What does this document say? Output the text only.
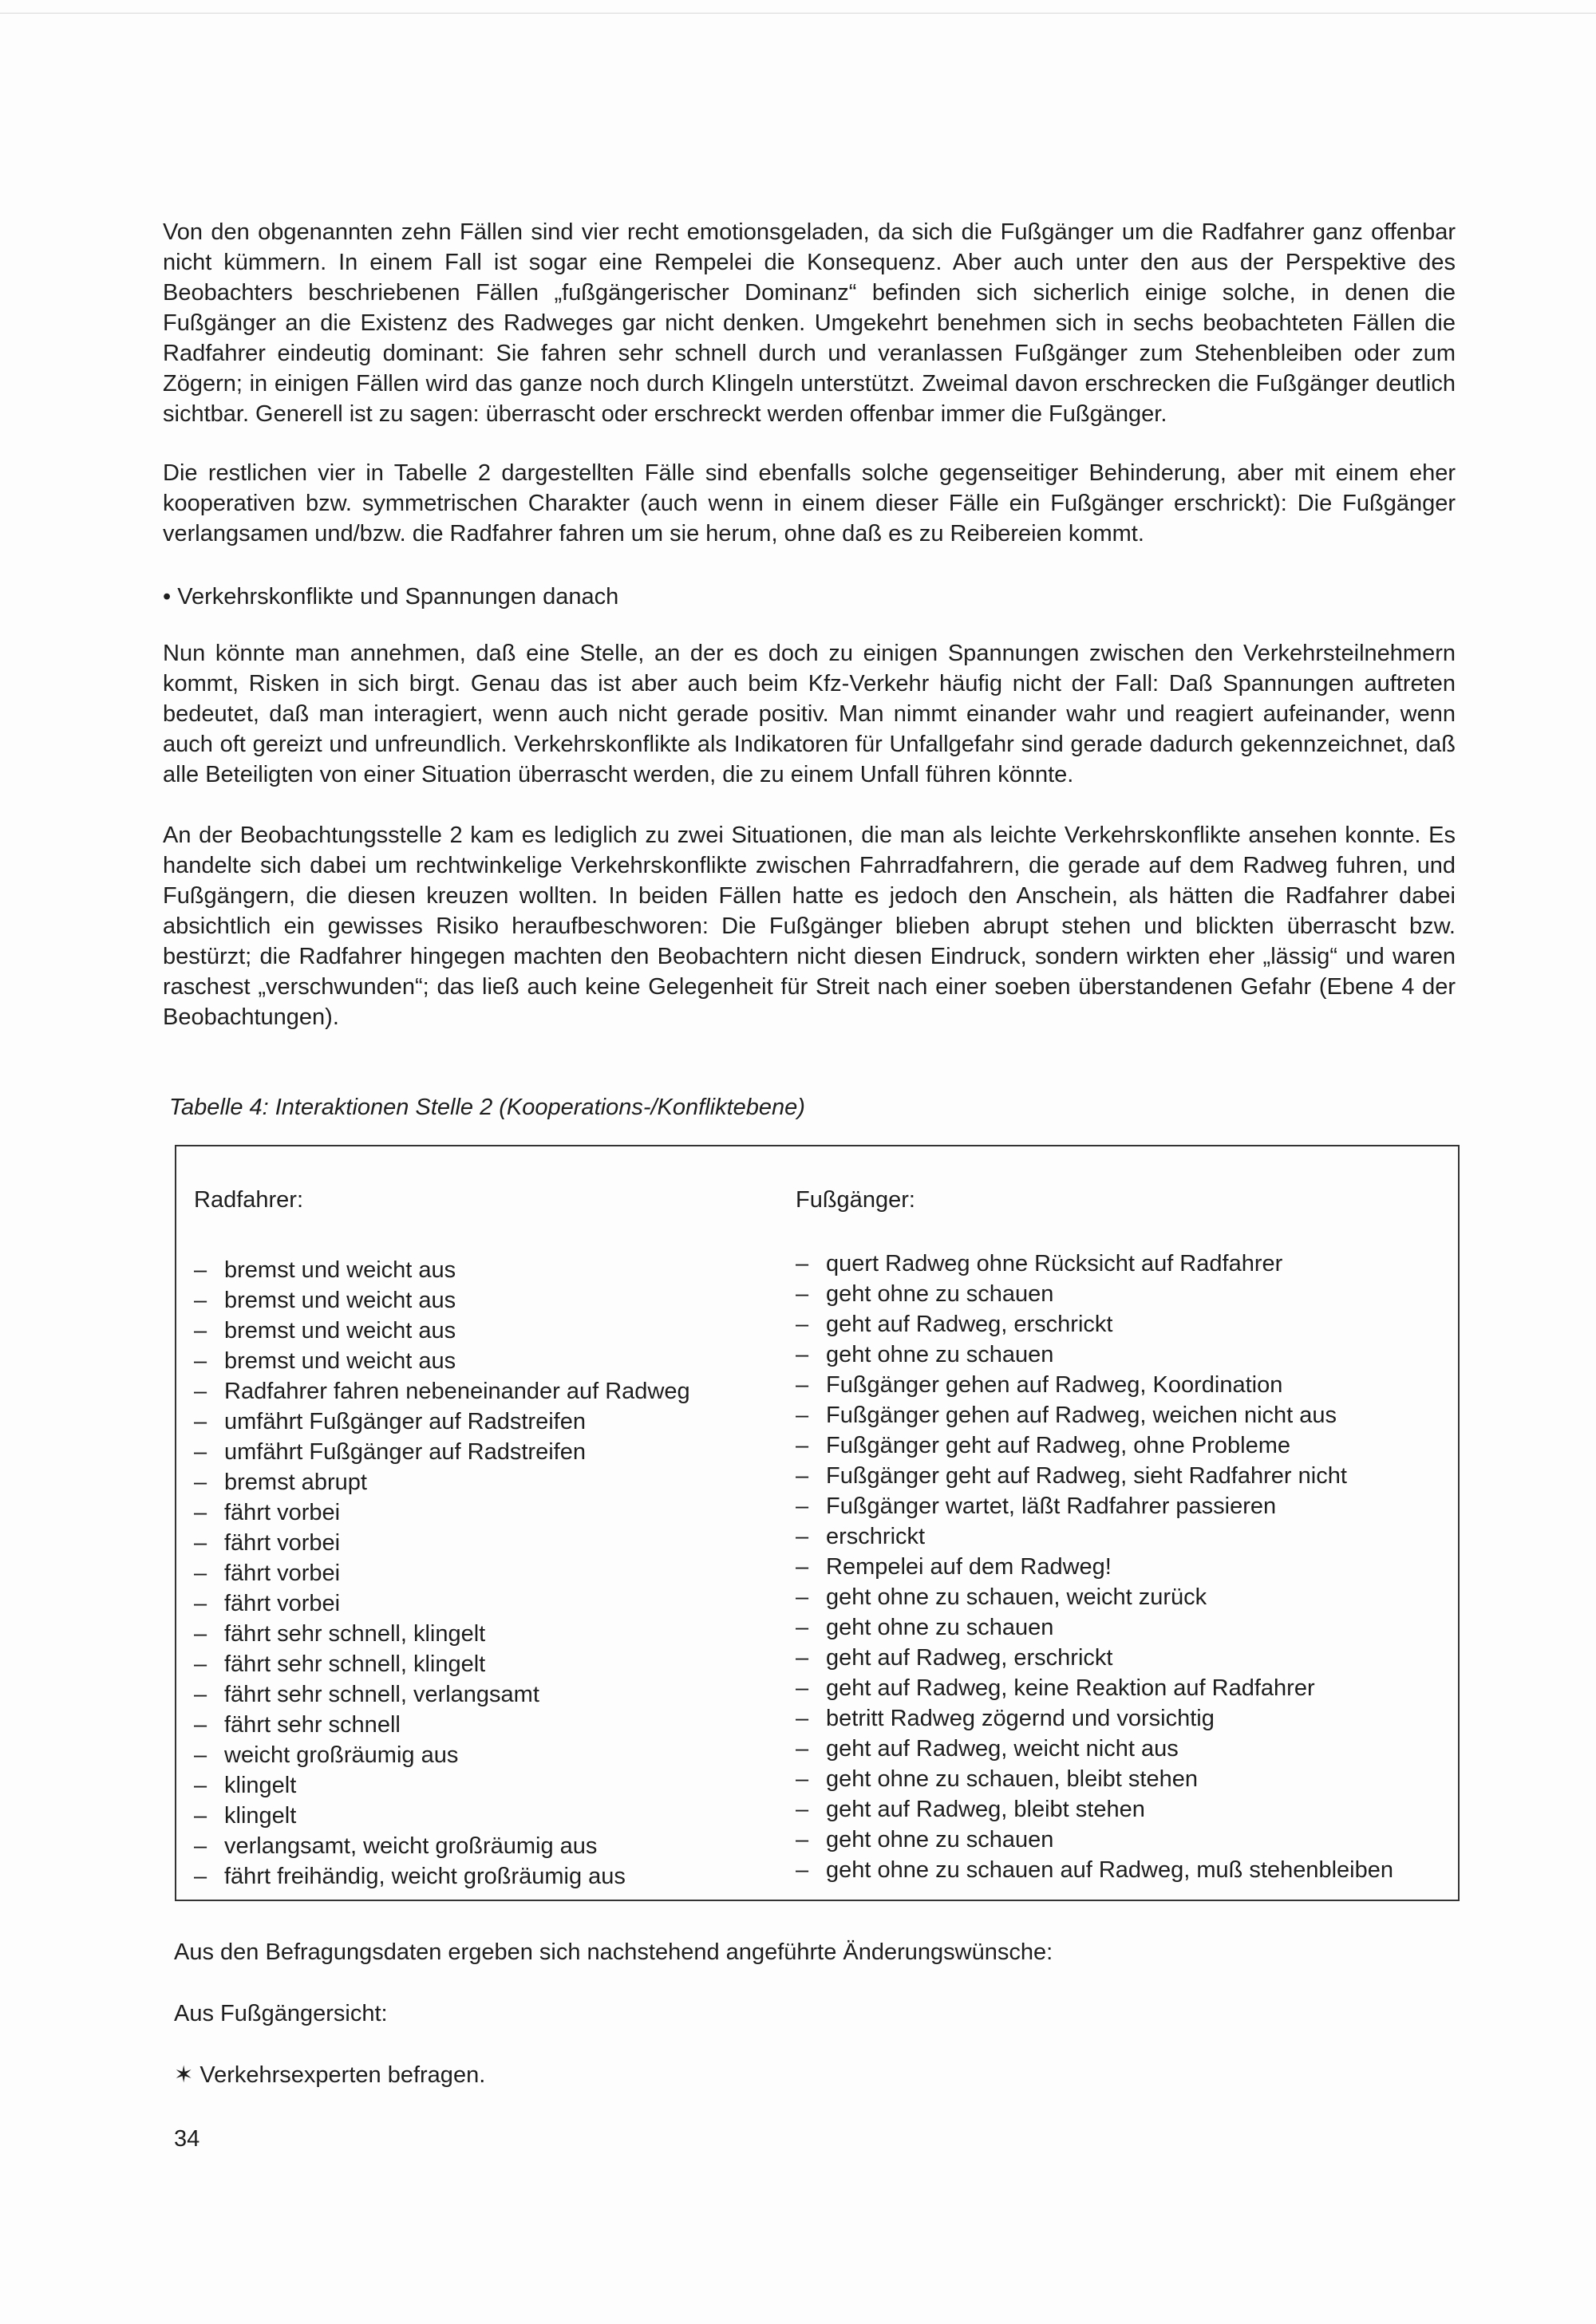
Von den obgenannten zehn Fällen sind vier recht emotionsgeladen, da sich die Fußgänger um die Radfahrer ganz offenbar nicht kümmern. In einem Fall ist sogar eine Rempelei die Konsequenz. Aber auch unter den aus der Perspektive des Beobachters beschriebenen Fällen „fußgängerischer Dominanz“ befinden sich sicherlich einige solche, in denen die Fußgänger an die Existenz des Radweges gar nicht denken. Umgekehrt benehmen sich in sechs beobachteten Fällen die Radfahrer eindeutig dominant: Sie fahren sehr schnell durch und veranlassen Fußgänger zum Stehenbleiben oder zum Zögern; in einigen Fällen wird das ganze noch durch Klingeln unterstützt. Zweimal davon erschrecken die Fußgänger deutlich sichtbar. Generell ist zu sagen: überrascht oder erschreckt werden offenbar immer die Fußgänger.

Die restlichen vier in Tabelle 2 dargestellten Fälle sind ebenfalls solche gegenseitiger Behinderung, aber mit einem eher kooperativen bzw. symmetrischen Charakter (auch wenn in einem dieser Fälle ein Fußgänger erschrickt): Die Fußgänger verlangsamen und/bzw. die Radfahrer fahren um sie herum, ohne daß es zu Reibereien kommt.

• Verkehrskonflikte und Spannungen danach

Nun könnte man annehmen, daß eine Stelle, an der es doch zu einigen Spannungen zwischen den Verkehrsteilnehmern kommt, Risken in sich birgt. Genau das ist aber auch beim Kfz-Verkehr häufig nicht der Fall: Daß Spannungen auftreten bedeutet, daß man interagiert, wenn auch nicht gerade positiv. Man nimmt einander wahr und reagiert aufeinander, wenn auch oft gereizt und unfreundlich. Verkehrskonflikte als Indikatoren für Unfallgefahr sind gerade dadurch gekennzeichnet, daß alle Beteiligten von einer Situation überrascht werden, die zu einem Unfall führen könnte.

An der Beobachtungsstelle 2 kam es lediglich zu zwei Situationen, die man als leichte Verkehrskonflikte ansehen konnte. Es handelte sich dabei um rechtwinkelige Verkehrskonflikte zwischen Fahrradfahrern, die gerade auf dem Radweg fuhren, und Fußgängern, die diesen kreuzen wollten. In beiden Fällen hatte es jedoch den Anschein, als hätten die Radfahrer dabei absichtlich ein gewisses Risiko heraufbeschworen: Die Fußgänger blieben abrupt stehen und blickten überrascht bzw. bestürzt; die Radfahrer hingegen machten den Beobachtern nicht diesen Eindruck, sondern wirkten eher „lässig“ und waren raschest „verschwunden“; das ließ auch keine Gelegenheit für Streit nach einer soeben überstandenen Gefahr (Ebene 4 der Beobachtungen).

Tabelle 4: Interaktionen Stelle 2 (Kooperations-/Konfliktebene)
Radfahrer:
– bremst und weicht aus
– bremst und weicht aus
– bremst und weicht aus
– bremst und weicht aus
– Radfahrer fahren nebeneinander auf Radweg
– umfährt Fußgänger auf Radstreifen
– umfährt Fußgänger auf Radstreifen
– bremst abrupt
– fährt vorbei
– fährt vorbei
– fährt vorbei
– fährt vorbei
– fährt sehr schnell, klingelt
– fährt sehr schnell, klingelt
– fährt sehr schnell, verlangsamt
– fährt sehr schnell
– weicht großräumig aus
– klingelt
– klingelt
– verlangsamt, weicht großräumig aus
– fährt freihändig, weicht großräumig aus
Fußgänger:
– quert Radweg ohne Rücksicht auf Radfahrer
– geht ohne zu schauen
– geht auf Radweg, erschrickt
– geht ohne zu schauen
– Fußgänger gehen auf Radweg, Koordination
– Fußgänger gehen auf Radweg, weichen nicht aus
– Fußgänger geht auf Radweg, ohne Probleme
– Fußgänger geht auf Radweg, sieht Radfahrer nicht
– Fußgänger wartet, läßt Radfahrer passieren
– erschrickt
– Rempelei auf dem Radweg!
– geht ohne zu schauen, weicht zurück
– geht ohne zu schauen
– geht auf Radweg, erschrickt
– geht auf Radweg, keine Reaktion auf Radfahrer
– betritt Radweg zögernd und vorsichtig
– geht auf Radweg, weicht nicht aus
– geht ohne zu schauen, bleibt stehen
– geht auf Radweg, bleibt stehen
– geht ohne zu schauen
– geht ohne zu schauen auf Radweg, muß stehenbleiben
Aus den Befragungsdaten ergeben sich nachstehend angeführte Änderungswünsche:
Aus Fußgängersicht:
✶ Verkehrsexperten befragen.
34
